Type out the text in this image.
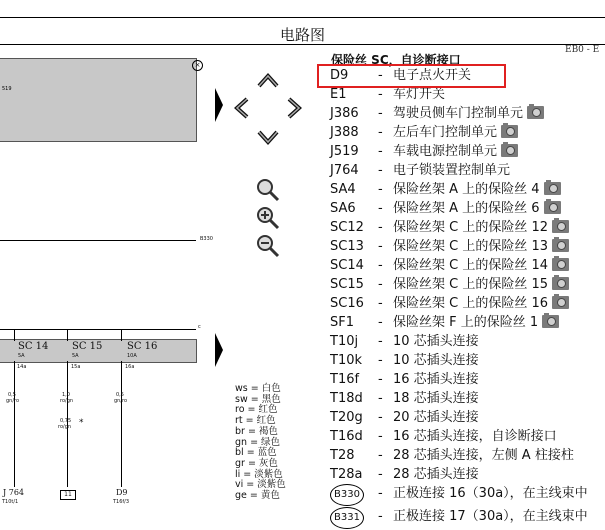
电路图
519
×
B330
c
SC 14
5A
14a
0,5
gn/ro
SC 15
5A
15a
1,0
ro/gn
0,75
ro/gn *
SC 16
10A
16a
0,5
gn/ro
J 764
T10t/1
11	D9
T16f/3
ws = 白色
sw = 黑色
ro = 红色
rt = 红色
br = 褐色
gn = 绿色
bl = 蓝色
gr = 灰色
li = 淡紫色
vi = 淡紫色
ge = 黄色
EB0 - E
保险丝 SC，自诊断接口
D9 - 电子点火开关
E1 - 车灯开关
J386 - 驾驶员侧车门控制单元
J388 - 左后车门控制单元
J519 - 车载电源控制单元
J764 - 电子锁装置控制单元
SA4 - 保险丝架 A 上的保险丝 4
SA6 - 保险丝架 A 上的保险丝 6
SC12 - 保险丝架 C 上的保险丝 12
SC13 - 保险丝架 C 上的保险丝 13
SC14 - 保险丝架 C 上的保险丝 14
SC15 - 保险丝架 C 上的保险丝 15
SC16 - 保险丝架 C 上的保险丝 16
SF1 - 保险丝架 F 上的保险丝 1
T10j - 10 芯插头连接
T10k - 10 芯插头连接
T16f - 16 芯插头连接
T18d - 18 芯插头连接
T20g - 20 芯插头连接
T16d - 16 芯插头连接，自诊断接口
T28 - 28 芯插头连接，左侧 A 柱接柱
T28a - 28 芯插头连接
B330	- 正极连接 16（30a），在主线束中
B331	- 正极连接 17（30a），在主线束中
